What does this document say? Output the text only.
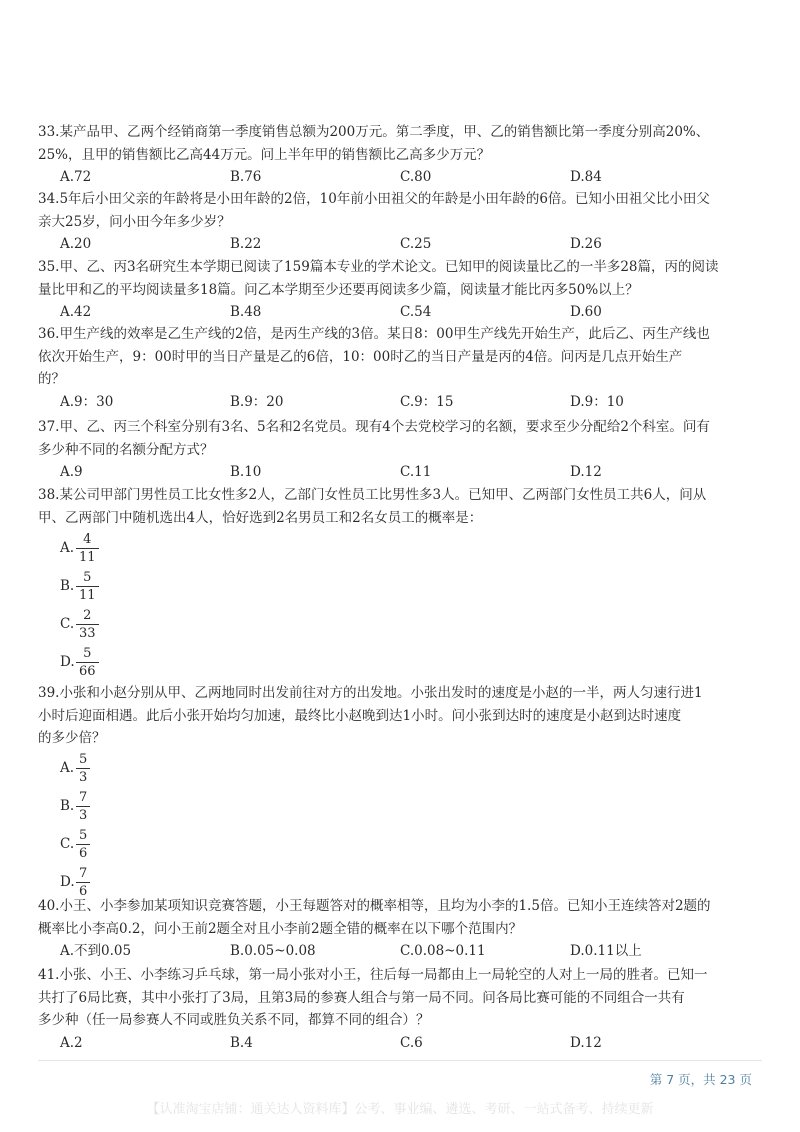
33.某产品甲、乙两个经销商第一季度销售总额为200万元。第二季度，甲、乙的销售额比第一季度分别高20%、
25%，且甲的销售额比乙高44万元。问上半年甲的销售额比乙高多少万元？
A.72	B.76	C.80	D.84
34.5年后小田父亲的年龄将是小田年龄的2倍，10年前小田祖父的年龄是小田年龄的6倍。已知小田祖父比小田父
亲大25岁，问小田今年多少岁？
A.20	B.22	C.25	D.26
35.甲、乙、丙3名研究生本学期已阅读了159篇本专业的学术论文。已知甲的阅读量比乙的一半多28篇，丙的阅读
量比甲和乙的平均阅读量多18篇。问乙本学期至少还要再阅读多少篇，阅读量才能比丙多50%以上？
A.42	B.48	C.54	D.60
36.甲生产线的效率是乙生产线的2倍，是丙生产线的3倍。某日8：00甲生产线先开始生产，此后乙、丙生产线也
依次开始生产，9：00时甲的当日产量是乙的6倍，10：00时乙的当日产量是丙的4倍。问丙是几点开始生产
的？
A.9：30	B.9：20	C.9：15	D.9：10
37.甲、乙、丙三个科室分别有3名、5名和2名党员。现有4个去党校学习的名额，要求至少分配给2个科室。问有
多少种不同的名额分配方式？
A.9	B.10	C.11	D.12
38.某公司甲部门男性员工比女性多2人，乙部门女性员工比男性多3人。已知甲、乙两部门女性员工共6人，问从
甲、乙两部门中随机选出4人，恰好选到2名男员工和2名女员工的概率是：
A. $\frac{4}{11}$
B. $\frac{5}{11}$
C. $\frac{2}{33}$
D. $\frac{5}{66}$
39.小张和小赵分别从甲、乙两地同时出发前往对方的出发地。小张出发时的速度是小赵的一半，两人匀速行进1
小时后迎面相遇。此后小张开始均匀加速，最终比小赵晚到达1小时。问小张到达时的速度是小赵到达时速度
的多少倍？
A. $\frac{5}{3}$
B. $\frac{7}{3}$
C. $\frac{5}{6}$
D. $\frac{7}{6}$
40.小王、小李参加某项知识竞赛答题，小王每题答对的概率相等，且均为小李的1.5倍。已知小王连续答对2题的
概率比小李高0.2，问小王前2题全对且小李前2题全错的概率在以下哪个范围内？
A.不到0.05	B.0.05~0.08	C.0.08~0.11	D.0.11以上
41.小张、小王、小李练习乒乓球，第一局小张对小王，往后每一局都由上一局轮空的人对上一局的胜者。已知一
共打了6局比赛，其中小张打了3局，且第3局的参赛人组合与第一局不同。问各局比赛可能的不同组合一共有
多少种（任一局参赛人不同或胜负关系不同，都算不同的组合）？
A.2	B.4	C.6	D.12
第 7 页，共 23 页
【认准淘宝店铺：通关达人资料库】公考、事业编、遴选、考研、一站式备考、持续更新
